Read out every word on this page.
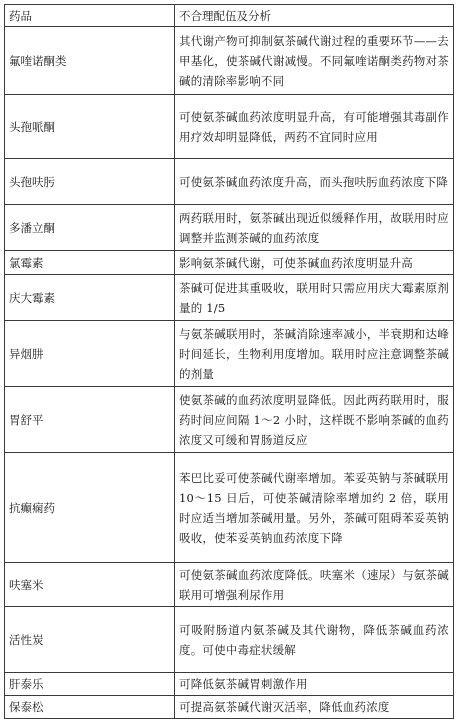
药品	不合理配伍及分析
氟喹诺酮类	其代谢产物可抑制氨茶碱代谢过程的重要环节——去甲基化，使茶碱代谢减慢。不同氟喹诺酮类药物对茶碱的清除率影响不同
头孢哌酮	可使氨茶碱血药浓度明显升高，有可能增强其毒副作用疗效却明显降低，两药不宜同时应用
头孢呋肟	可使氨茶碱血药浓度升高，而头孢呋肟血药浓度下降
多潘立酮	两药联用时，氨茶碱出现近似缓释作用，故联用时应调整并监测茶碱的血药浓度
氯霉素	影响氨茶碱代谢，可使茶碱血药浓度明显升高
庆大霉素	茶碱可促进其重吸收，联用时只需应用庆大霉素原剂量的 1/5
异烟肼	与氨茶碱联用时，茶碱消除速率减小，半衰期和达峰时间延长，生物利用度增加。联用时应注意调整茶碱的剂量
胃舒平	使氨茶碱的血药浓度明显降低。因此两药联用时，服药时间应间隔 1～2 小时，这样既不影响茶碱的血药浓度又可缓和胃肠道反应
抗癫痫药	苯巴比妥可使茶碱代谢率增加。苯妥英钠与茶碱联用 10～15 日后，可使茶碱清除率增加约 2 倍，联用时应适当增加茶碱用量。另外，茶碱可阻碍苯妥英钠吸收，使苯妥英钠血药浓度下降
呋塞米	可使氨茶碱血药浓度降低。呋塞米（速尿）与氨茶碱联用可增强利尿作用
活性炭	可吸附肠道内氨茶碱及其代谢物，降低茶碱血药浓度。可使中毒症状缓解
肝泰乐	可降低氨茶碱胃刺激作用
保泰松	可提高氨茶碱代谢灭活率，降低血药浓度
